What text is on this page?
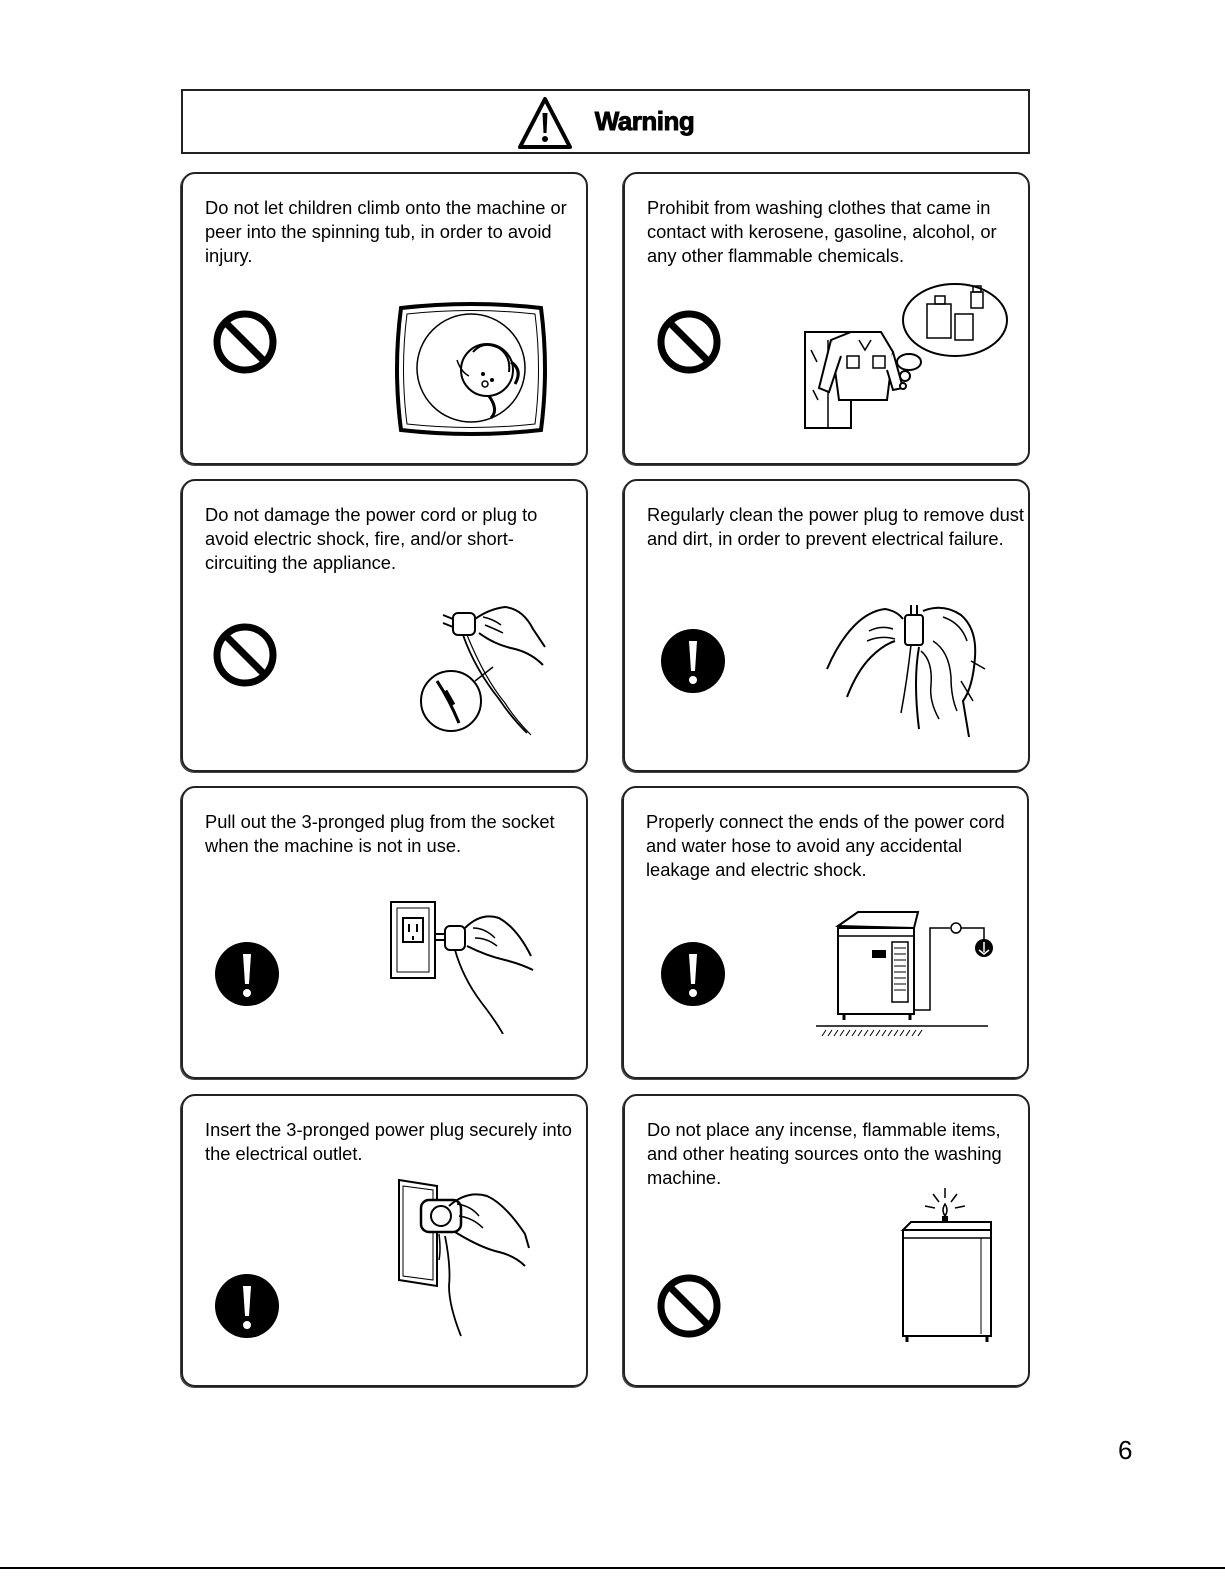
Warning
Do not let children climb onto the machine or peer into the spinning tub, in order to avoid injury.
Prohibit from washing clothes that came in contact with kerosene, gasoline, alcohol, or any other flammable chemicals.
Do not damage the power cord or plug to avoid electric shock, fire, and/or short-circuiting the appliance.
Regularly clean the power plug to remove dust and dirt, in order to prevent electrical failure.
Pull out the 3-pronged plug from the socket when the machine is not in use.
Properly connect the ends of the power cord and water hose to avoid any accidental leakage and electric shock.
Insert the 3-pronged power plug securely into the electrical outlet.
Do not place any incense, flammable items, and other heating sources onto the washing machine.
6
